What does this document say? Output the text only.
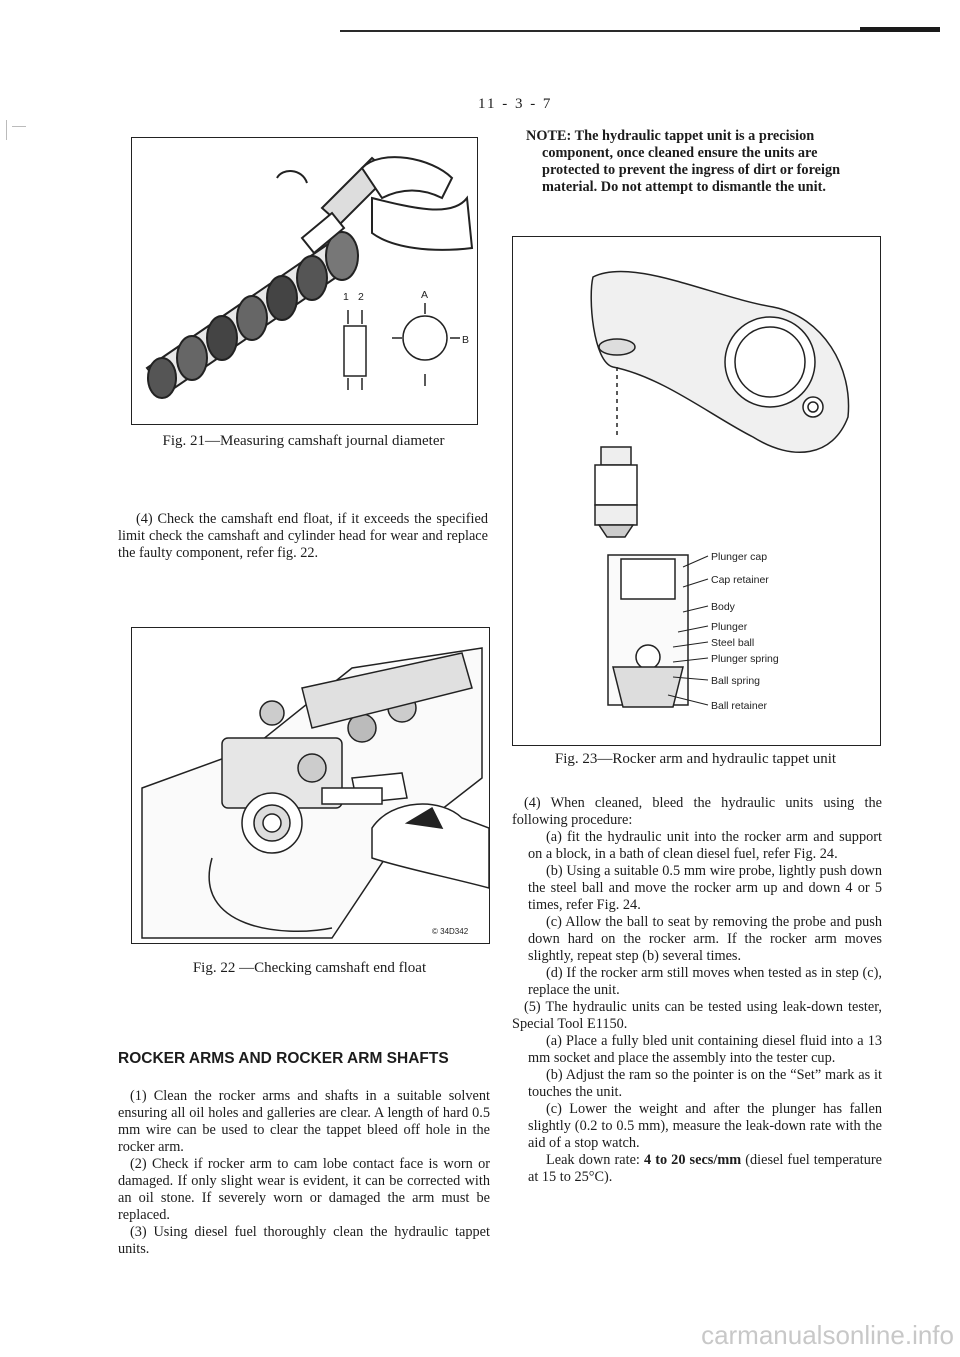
11 - 3 - 7
1 2	A
B
Fig. 21—Measuring camshaft journal diameter
(4) Check the camshaft end float, if it exceeds the specified limit check the camshaft and cylinder head for wear and replace the faulty component, refer fig. 22.
© 34D342
Fig. 22 —Checking camshaft end float
ROCKER ARMS AND ROCKER ARM SHAFTS
(1) Clean the rocker arms and shafts in a suitable solvent ensuring all oil holes and galleries are clear. A length of hard 0.5 mm wire can be used to clear the tappet bleed off hole in the rocker arm.
(2) Check if rocker arm to cam lobe contact face is worn or damaged. If only slight wear is evident, it can be corrected with an oil stone. If severely worn or damaged the arm must be replaced.
(3) Using diesel fuel thoroughly clean the hydraulic tappet units.
NOTE: The hydraulic tappet unit is a precision
component, once cleaned ensure the units are protected to prevent the ingress of dirt or foreign material. Do not attempt to dismantle the unit.
Plunger cap
Cap retainer
Body
Plunger
Steel ball
Plunger spring
Ball spring
Ball retainer
Fig. 23—Rocker arm and hydraulic tappet unit
(4) When cleaned, bleed the hydraulic units using the following procedure:
(a) fit the hydraulic unit into the rocker arm and support on a block, in a bath of clean diesel fuel, refer Fig. 24.
(b) Using a suitable 0.5 mm wire probe, lightly push down the steel ball and move the rocker arm up and down 4 or 5 times, refer Fig. 24.
(c) Allow the ball to seat by removing the probe and push down hard on the rocker arm. If the rocker arm moves slightly, repeat step (b) several times.
(d) If the rocker arm still moves when tested as in step (c), replace the unit.
(5) The hydraulic units can be tested using leak-down tester, Special Tool E1150.
(a) Place a fully bled unit containing diesel fluid into a 13 mm socket and place the assembly into the tester cup.
(b) Adjust the ram so the pointer is on the “Set” mark as it touches the unit.
(c) Lower the weight and after the plunger has fallen slightly (0.2 to 0.5 mm), measure the leak-down rate with the aid of a stop watch.
Leak down rate: 4 to 20 secs/mm (diesel fuel temperature at 15 to 25°C).
carmanualsonline.info
